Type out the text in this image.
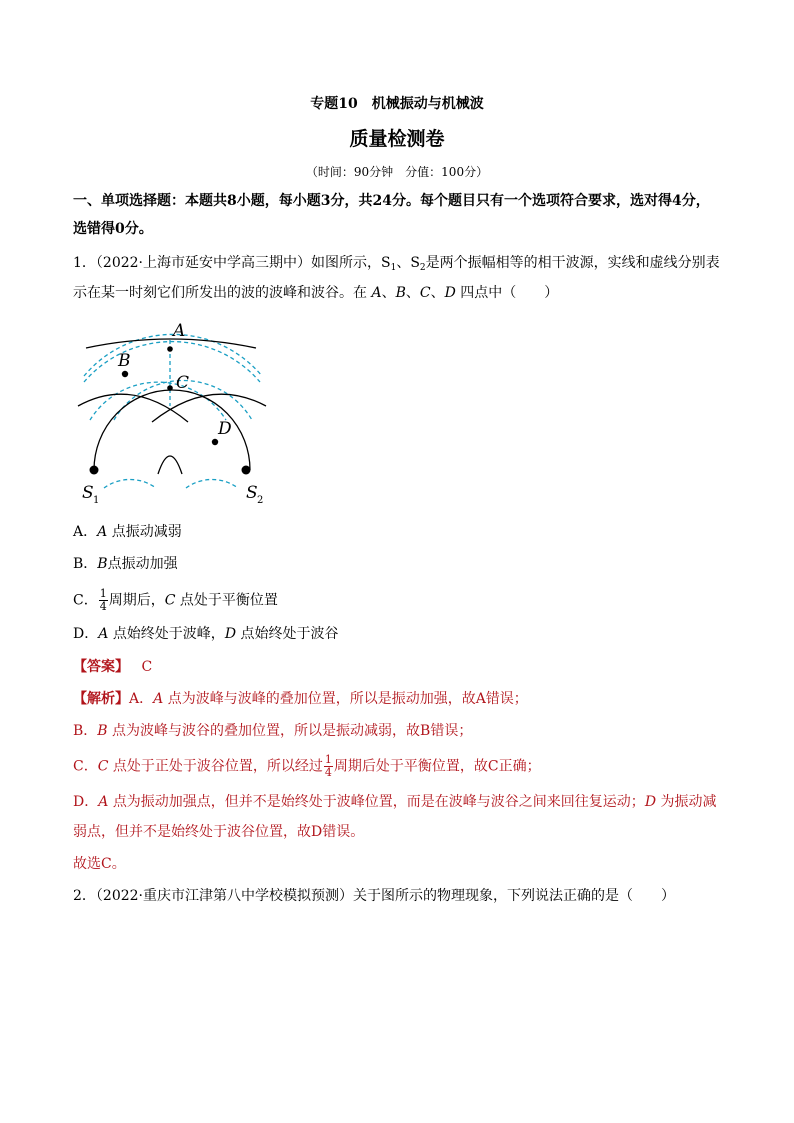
专题10　机械振动与机械波
质量检测卷
（时间：90分钟　分值：100分）
一、单项选择题：本题共8小题，每小题3分，共24分。每个题目只有一个选项符合要求，选对得4分，
选错得0分。
1．（2022·上海市延安中学高三期中）如图所示，$S_1$、$S_2$是两个振幅相等的相干波源，实线和虚线分别表
示在某一时刻它们所发出的波的波峰和波谷。在 A、B、C、D 四点中（　　）
A
B
C
D
S 1	S 2
A．A 点振动减弱
B．B点振动加强
C． $\frac{1}{4}$ 周期后，C 点处于平衡位置
D．A 点始终处于波峰，D 点始终处于波谷
【答案】 C
【解析】A．A 点为波峰与波峰的叠加位置，所以是振动加强，故A错误；
B．B 点为波峰与波谷的叠加位置，所以是振动减弱，故B错误；
C．C 点处于正处于波谷位置，所以经过 $\frac{1}{4}$ 周期后处于平衡位置，故C正确；
D．A 点为振动加强点，但并不是始终处于波峰位置，而是在波峰与波谷之间来回往复运动；D 为振动减
弱点，但并不是始终处于波谷位置，故D错误。
故选C。
2．（2022·重庆市江津第八中学校模拟预测）关于图所示的物理现象，下列说法正确的是（　　）
